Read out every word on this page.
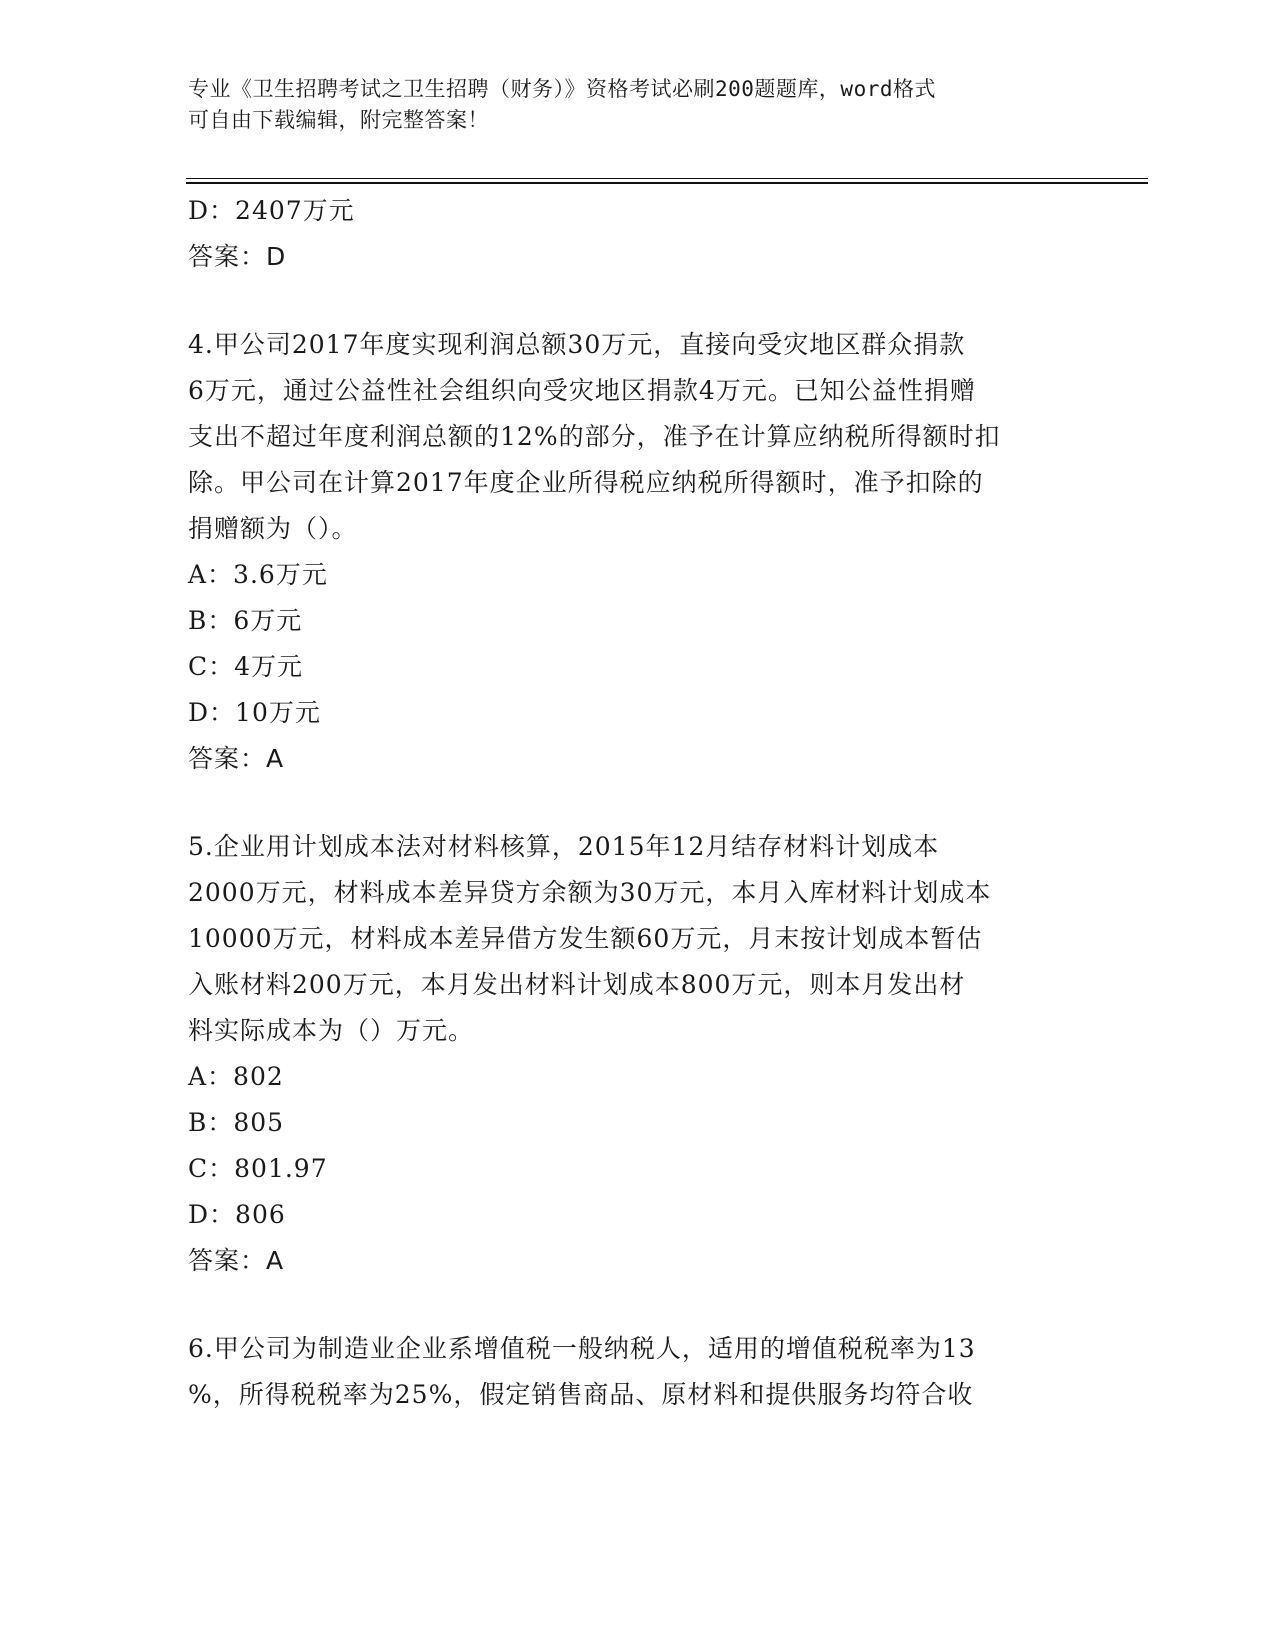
专业《卫生招聘考试之卫生招聘（财务）》资格考试必刷200题题库，word格式
可自由下载编辑，附完整答案！
D：2407万元
答案：D
4.甲公司2017年度实现利润总额30万元，直接向受灾地区群众捐款
6万元，通过公益性社会组织向受灾地区捐款4万元。已知公益性捐赠
支出不超过年度利润总额的12%的部分，准予在计算应纳税所得额时扣
除。甲公司在计算2017年度企业所得税应纳税所得额时，准予扣除的
捐赠额为（）。
A：3.6万元
B：6万元
C：4万元
D：10万元
答案：A
5.企业用计划成本法对材料核算，2015年12月结存材料计划成本
2000万元，材料成本差异贷方余额为30万元，本月入库材料计划成本
10000万元，材料成本差异借方发生额60万元，月末按计划成本暂估
入账材料200万元，本月发出材料计划成本800万元，则本月发出材
料实际成本为（）万元。
A：802
B：805
C：801.97
D：806
答案：A
6.甲公司为制造业企业系增值税一般纳税人，适用的增值税税率为13
%，所得税税率为25%，假定销售商品、原材料和提供服务均符合收
